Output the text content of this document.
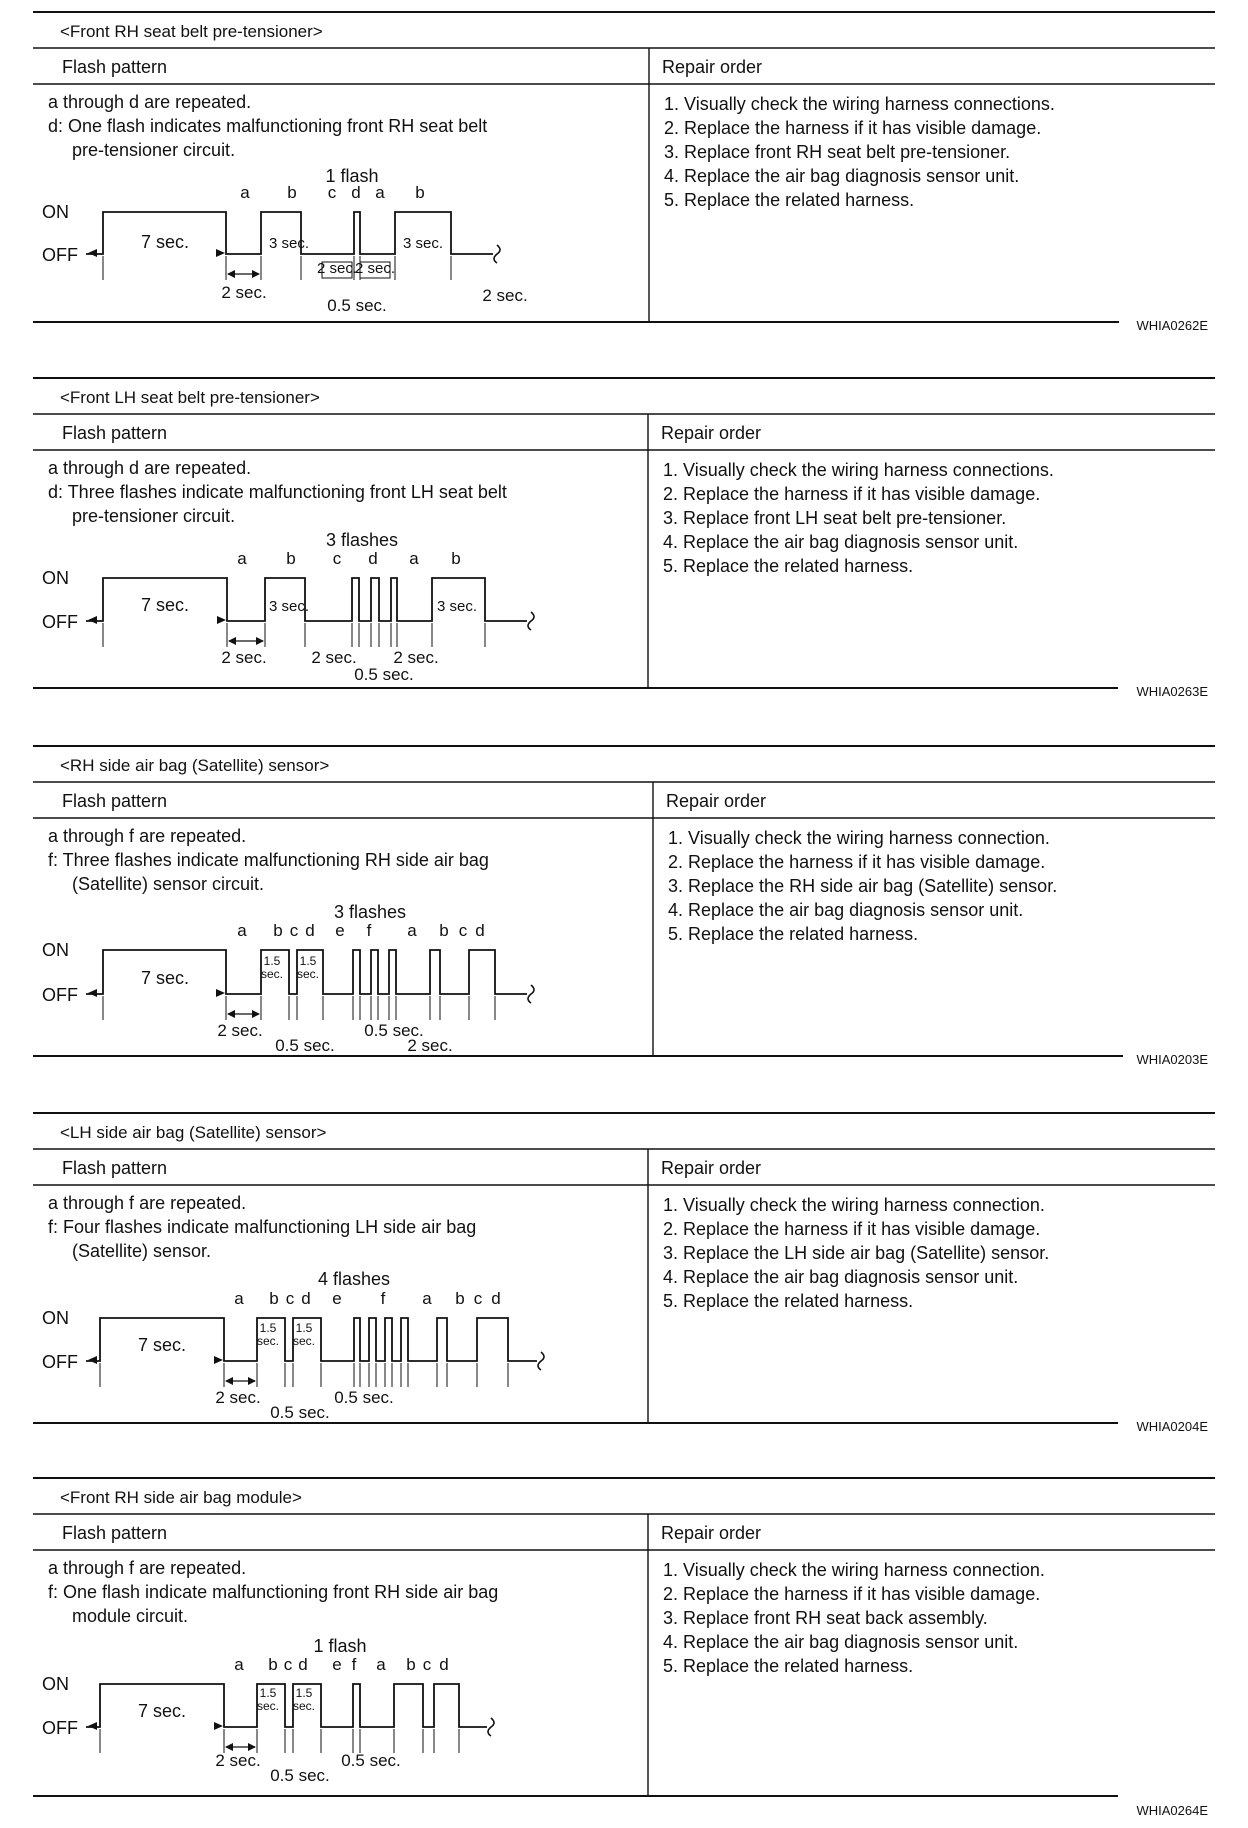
<Front RH seat belt pre-tensioner>
Flash pattern	Repair order
a through d are repeated.
d: One flash indicates malfunctioning front RH seat belt
pre-tensioner circuit.
1. Visually check the wiring harness connections.
2. Replace the harness if it has visible damage.
3. Replace front RH seat belt pre-tensioner.
4. Replace the air bag diagnosis sensor unit.
5. Replace the related harness.
WHIA0262E
ON
OFF
1 flash
a b c d a b
7 sec.	3 sec.
2 sec.
2 sec.
3 sec.
2 sec.
0.5 sec.
2 sec.
<Front LH seat belt pre-tensioner>
Flash pattern	Repair order
a through d are repeated.
d: Three flashes indicate malfunctioning front LH seat belt
pre-tensioner circuit.
1. Visually check the wiring harness connections.
2. Replace the harness if it has visible damage.
3. Replace front LH seat belt pre-tensioner.
4. Replace the air bag diagnosis sensor unit.
5. Replace the related harness.
WHIA0263E
ON
OFF
3 flashes
a b c d a b
7 sec.	3 sec.	3 sec.
2 sec.	2 sec. 2 sec.
0.5 sec.
<RH side air bag (Satellite) sensor>
Flash pattern	Repair order
a through f are repeated.
f: Three flashes indicate malfunctioning RH side air bag
(Satellite) sensor circuit.
1. Visually check the wiring harness connection.
2. Replace the harness if it has visible damage.
3. Replace the RH side air bag (Satellite) sensor.
4. Replace the air bag diagnosis sensor unit.
5. Replace the related harness.
WHIA0203E
ON
OFF
3 flashes
a b c d e f a b c d
7 sec.
1.5
sec.
1.5
sec.
2 sec.
0.5 sec.
0.5 sec.
2 sec.
<LH side air bag (Satellite) sensor>
Flash pattern	Repair order
a through f are repeated.
f: Four flashes indicate malfunctioning LH side air bag
(Satellite) sensor.
1. Visually check the wiring harness connection.
2. Replace the harness if it has visible damage.
3. Replace the LH side air bag (Satellite) sensor.
4. Replace the air bag diagnosis sensor unit.
5. Replace the related harness.
WHIA0204E
ON
OFF
4 flashes
a b c d e f a b c d
7 sec.
1.5
sec.
1.5
sec.
2 sec.
0.5 sec.
0.5 sec.
<Front RH side air bag module>
Flash pattern	Repair order
a through f are repeated.
f: One flash indicate malfunctioning front RH side air bag
module circuit.
1. Visually check the wiring harness connection.
2. Replace the harness if it has visible damage.
3. Replace front RH seat back assembly.
4. Replace the air bag diagnosis sensor unit.
5. Replace the related harness.
WHIA0264E
ON
OFF
1 flash
a b c d e f a b c d
7 sec.
1.5
sec.
1.5
sec.
2 sec.
0.5 sec.
0.5 sec.
